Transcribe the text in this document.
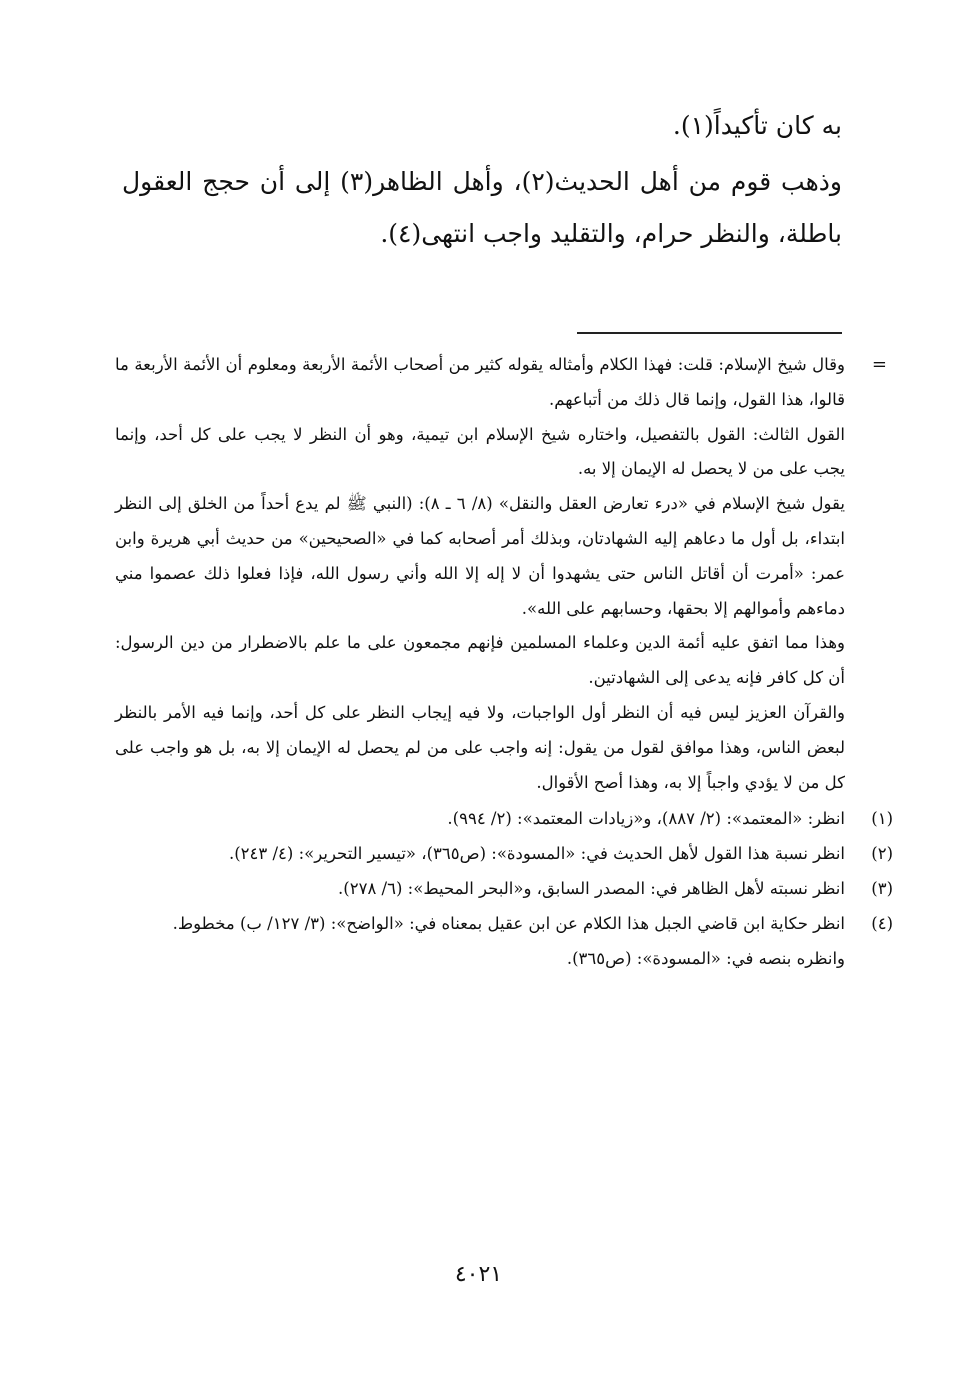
به كان تأكيداً(١).

وذهب قوم من أهل الحديث(٢)، وأهل الظاهر(٣) إلى أن حجج العقول باطلة، والنظر حرام، والتقليد واجب انتهى(٤).

=

وقال شيخ الإسلام: قلت: فهذا الكلام وأمثاله يقوله كثير من أصحاب الأئمة الأربعة ومعلوم أن الأئمة الأربعة ما قالوا، هذا القول، وإنما قال ذلك من أتباعهم.

القول الثالث: القول بالتفصيل، واختاره شيخ الإسلام ابن تيمية، وهو أن النظر لا يجب على كل أحد، وإنما يجب على من لا يحصل له الإيمان إلا به.

يقول شيخ الإسلام في «درء تعارض العقل والنقل» (٨/ ٦ ـ ٨): (النبي ﷺ لم يدع أحداً من الخلق إلى النظر ابتداء، بل أول ما دعاهم إليه الشهادتان، وبذلك أمر أصحابه كما في «الصحيحين» من حديث أبي هريرة وابن عمر: «أمرت أن أقاتل الناس حتى يشهدوا أن لا إله إلا الله وأني رسول الله، فإذا فعلوا ذلك عصموا مني دماءهم وأموالهم إلا بحقها، وحسابهم على الله».

وهذا مما اتفق عليه أئمة الدين وعلماء المسلمين فإنهم مجمعون على ما علم بالاضطرار من دين الرسول: أن كل كافر فإنه يدعى إلى الشهادتين.

والقرآن العزيز ليس فيه أن النظر أول الواجبات، ولا فيه إيجاب النظر على كل أحد، وإنما فيه الأمر بالنظر لبعض الناس، وهذا موافق لقول من يقول: إنه واجب على من لم يحصل له الإيمان إلا به، بل هو واجب على كل من لا يؤدي واجباً إلا به، وهذا أصح الأقوال.

(١)

انظر: «المعتمد»: (٢/ ٨٨٧)، و«زيادات المعتمد»: (٢/ ٩٩٤).

(٢)

انظر نسبة هذا القول لأهل الحديث في: «المسودة»: (ص٣٦٥)، «تيسير التحرير»: (٤/ ٢٤٣).

(٣)

انظر نسبته لأهل الظاهر في: المصدر السابق، و«البحر المحيط»: (٦/ ٢٧٨).

(٤)

انظر حكاية ابن قاضي الجبل هذا الكلام عن ابن عقيل بمعناه في: «الواضح»: (٣/ ١٢٧/ ب) مخطوط.

وانظره بنصه في: «المسودة»: (ص٣٦٥).

٤٠٢١
